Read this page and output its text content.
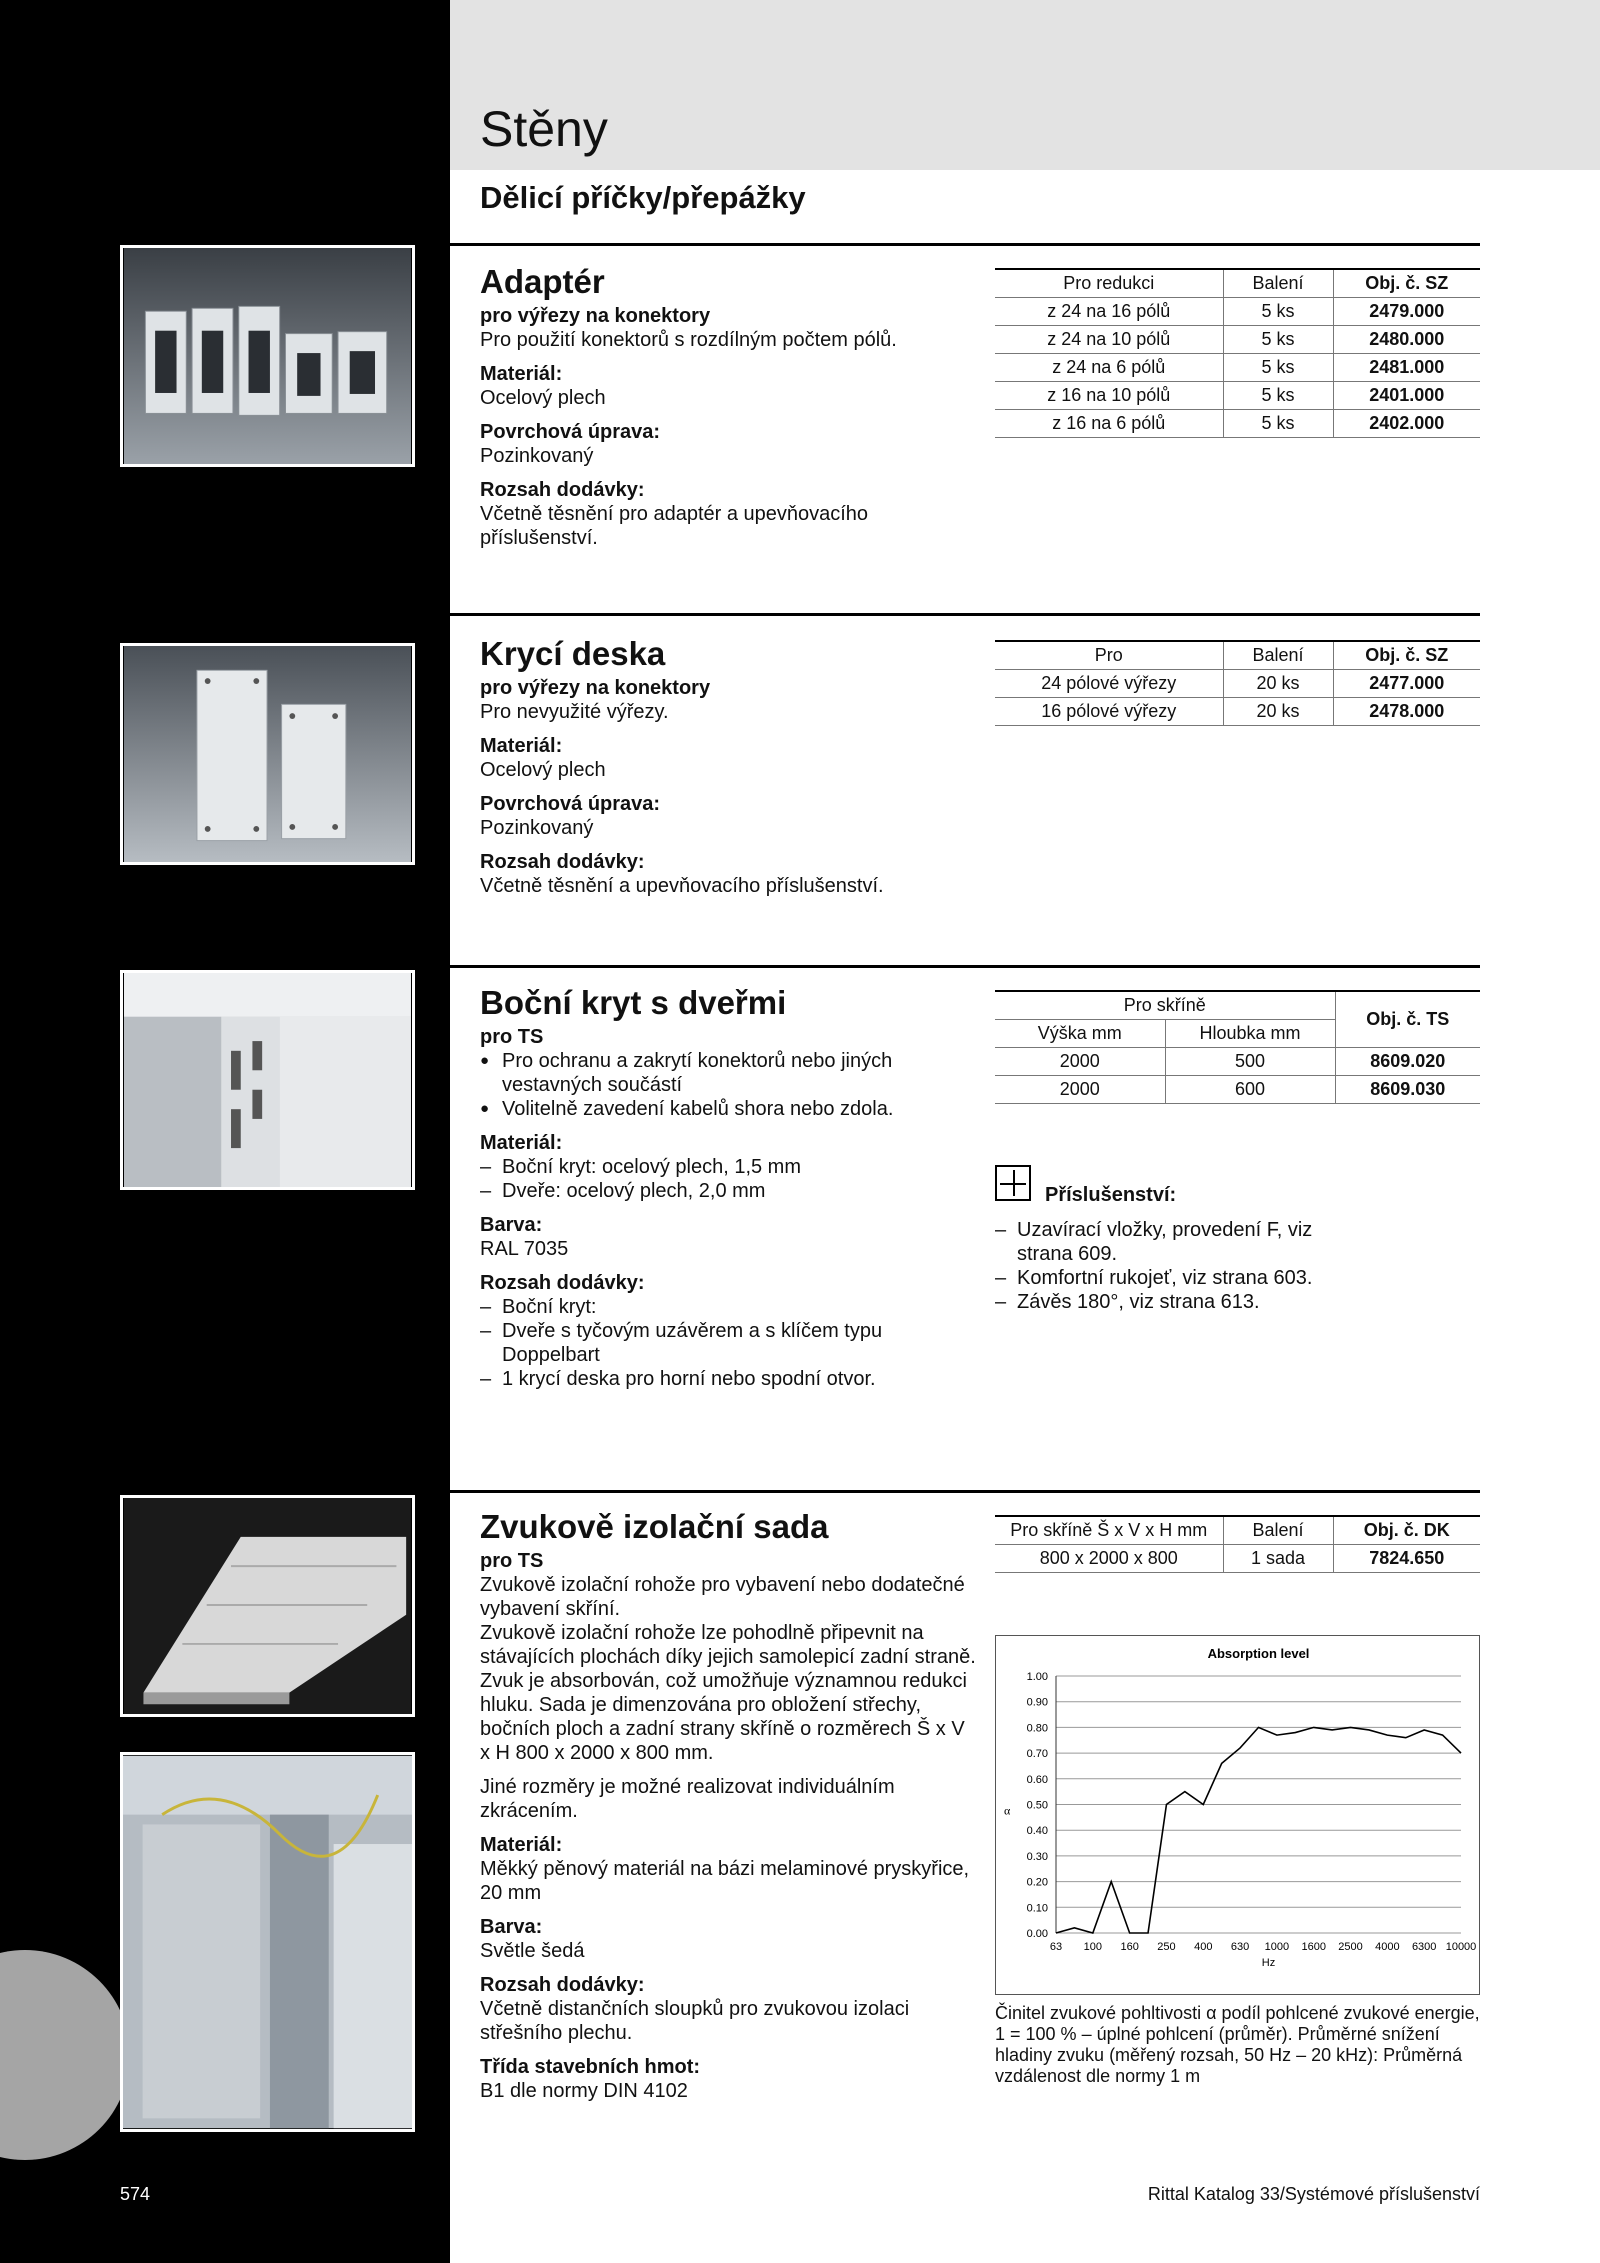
Stěny
Dělicí příčky/přepážky
Adaptér
pro výřezy na konektory
Pro použití konektorů s rozdílným počtem pólů.
Materiál:
Ocelový plech
Povrchová úprava:
Pozinkovaný
Rozsah dodávky:
Včetně těsnění pro adaptér a upevňovacího příslušenství.
Pro redukci	Balení	Obj. č. SZ
z 24 na 16 pólů	5 ks	2479.000
z 24 na 10 pólů	5 ks	2480.000
z 24 na 6 pólů	5 ks	2481.000
z 16 na 10 pólů	5 ks	2401.000
z 16 na 6 pólů	5 ks	2402.000
Krycí deska
pro výřezy na konektory
Pro nevyužité výřezy.
Materiál:
Ocelový plech
Povrchová úprava:
Pozinkovaný
Rozsah dodávky:
Včetně těsnění a upevňovacího příslušenství.
Pro	Balení	Obj. č. SZ
24 pólové výřezy	20 ks	2477.000
16 pólové výřezy	20 ks	2478.000
Boční kryt s dveřmi
pro TS
● Pro ochranu a zakrytí konektorů nebo jiných vestavných součástí
● Volitelně zavedení kabelů shora nebo zdola.
Materiál:
– Boční kryt: ocelový plech, 1,5 mm
– Dveře: ocelový plech, 2,0 mm
Barva:
RAL 7035
Rozsah dodávky:
– Boční kryt:
– Dveře s tyčovým uzávěrem a s klíčem typu Doppelbart
– 1 krycí deska pro horní nebo spodní otvor.
Pro skříně		Obj. č. TS
Výška mm	Hloubka mm	
2000	500	8609.020
2000	600	8609.030
Příslušenství:
– Uzavírací vložky, provedení F, viz strana 609.
– Komfortní rukojeť, viz strana 603.
– Závěs 180°, viz strana 613.
Zvukově izolační sada
pro TS
Zvukově izolační rohože pro vybavení nebo dodatečné vybavení skříní.
Zvukově izolační rohože lze pohodlně připevnit na stávajících plochách díky jejich samolepicí zadní straně. Zvuk je absorbován, což umožňuje významnou redukci hluku. Sada je dimenzována pro obložení střechy, bočních ploch a zadní strany skříně o rozměrech Š x V x H 800 x 2000 x 800 mm.
Jiné rozměry je možné realizovat individuálním zkrácením.
Materiál:
Měkký pěnový materiál na bázi melaminové pryskyřice, 20 mm
Barva:
Světle šedá
Rozsah dodávky:
Včetně distančních sloupků pro zvukovou izolaci střešního plechu.
Třída stavebních hmot:
B1 dle normy DIN 4102
Pro skříně Š x V x H mm	Balení	Obj. č. DK
800 x 2000 x 800	1 sada	7824.650
Absorption level
0.00
0.10
0.20
0.30
0.40
0.50
0.60
0.70
0.80
0.90
1.00
63 100 160 250 400 630 1000 1600 2500 4000 6300 10000
Hz
α
Činitel zvukové pohltivosti α podíl pohlcené zvukové energie, 1 = 100 % – úplné pohlcení (průměr). Průměrné snížení hladiny zvuku (měřený rozsah, 50 Hz – 20 kHz): Průměrná vzdálenost dle normy 1 m
574	Rittal Katalog 33/Systémové příslušenství
